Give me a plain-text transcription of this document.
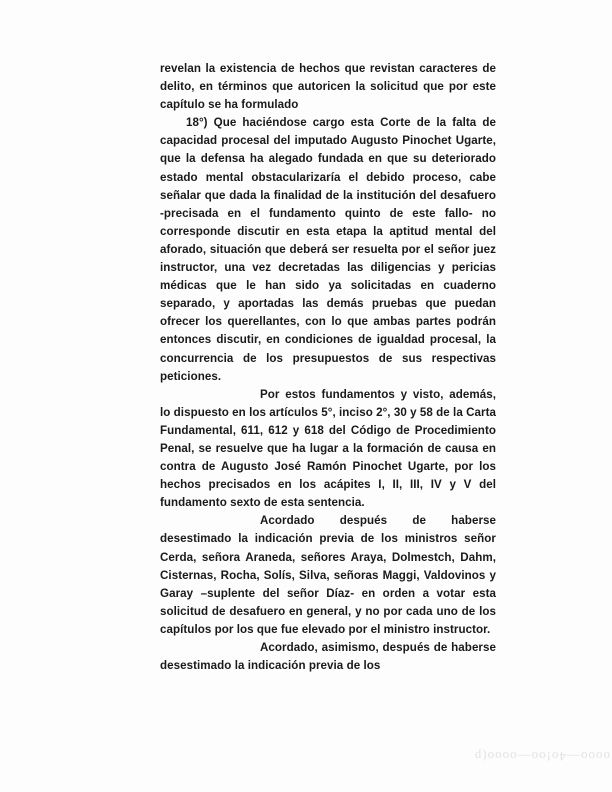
revelan la existencia de hechos que revistan caracteres de delito, en términos que autoricen la solicitud que por este capítulo se ha formulado

18°) Que haciéndose cargo esta Corte de la falta de capacidad procesal del imputado Augusto Pinochet Ugarte, que la defensa ha alegado fundada en que su deteriorado estado mental obstacularizaría el debido proceso, cabe señalar que dada la finalidad de la institución del desafuero -precisada en el fundamento quinto de este fallo- no corresponde discutir en esta etapa la aptitud mental del aforado, situación que deberá ser resuelta por el señor juez instructor, una vez decretadas las diligencias y pericias médicas que le han sido ya solicitadas en cuaderno separado, y aportadas las demás pruebas que puedan ofrecer los querellantes, con lo que ambas partes podrán entonces discutir, en condiciones de igualdad procesal, la concurrencia de los presupuestos de sus respectivas peticiones.

Por estos fundamentos y visto, además, lo dispuesto en los artículos 5°, inciso 2°, 30 y 58 de la Carta Fundamental, 611, 612 y 618 del Código de Procedimiento Penal, se resuelve que ha lugar a la formación de causa en contra de Augusto José Ramón Pinochet Ugarte, por los hechos precisados en los acápites I, II, III, IV y V del fundamento sexto de esta sentencia.

Acordado después de haberse desestimado la indicación previa de los ministros señor Cerda, señora Araneda, señores Araya, Dolmestch, Dahm, Cisternas, Rocha, Solís, Silva, señoras Maggi, Valdovinos y Garay –suplente del señor Díaz- en orden a votar esta solicitud de desafuero en general, y no por cada uno de los capítulos por los que fue elevado por el ministro instructor.

Acordado, asimismo, después de haberse desestimado la indicación previa de los

oooo—4o!oo—oooo(p
